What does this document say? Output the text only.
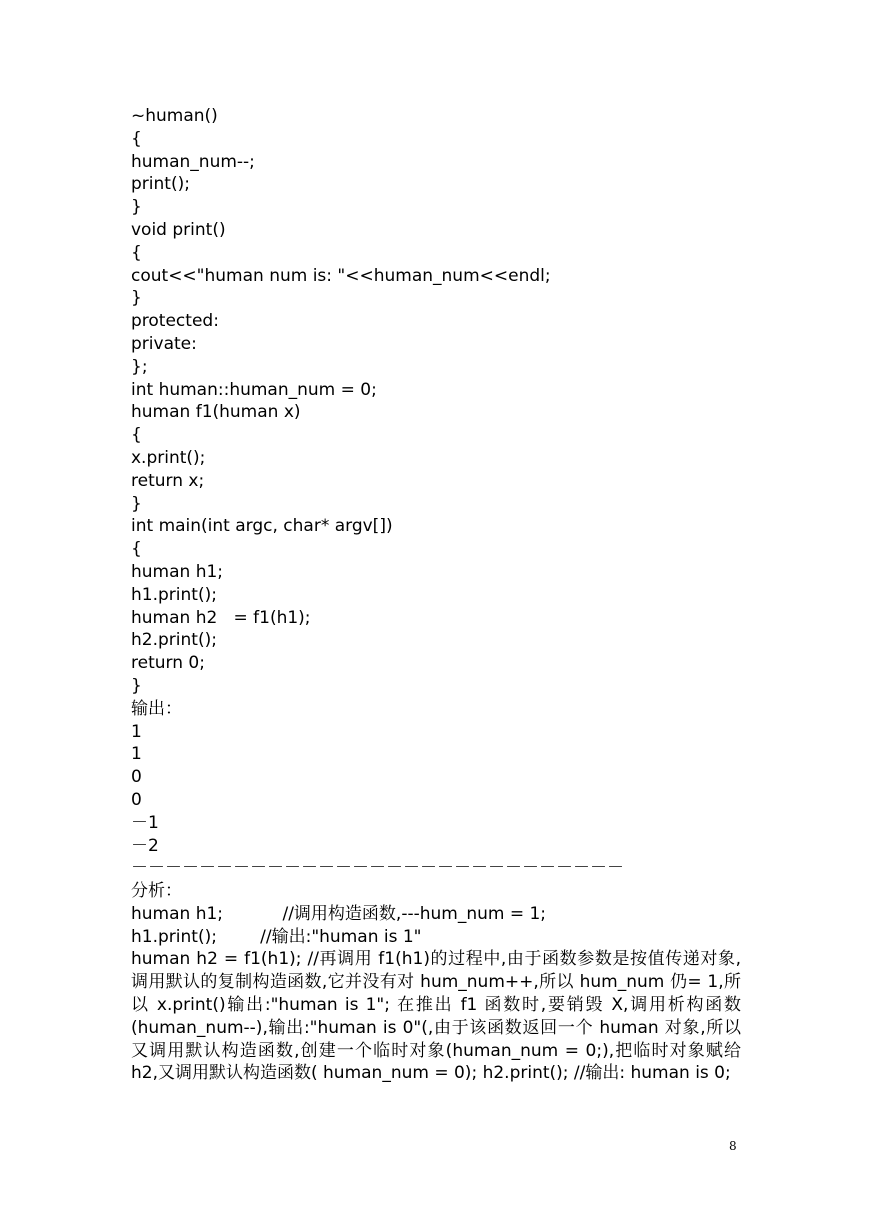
~human()
{
human_num--;
print();
}
void print()
{
cout<<"human num is: "<<human_num<<endl;
}
protected:
private:
};
int human::human_num = 0;
human f1(human x)
{
x.print();
return x;
}
int main(int argc, char* argv[])
{
human h1;
h1.print();
human h2   = f1(h1);
h2.print();
return 0;
}
输出：
1
1
0
0
－1
－2
－－－－－－－－－－－－－－－－－－－－－－－－－－－－－
分析：
human h1;           //调用构造函数,---hum_num = 1;
h1.print();        //输出:"human is 1"

human h2 = f1(h1); //再调用 f1(h1)的过程中,由于函数参数是按值传递对象,调用默认的复制构造函数,它并没有对 hum_num++,所以 hum_num 仍= 1,所以 x.print()输出:"human is 1"; 在推出 f1 函数时,要销毁 X,调用析构函数(human_num--),输出:"human is 0"(,由于该函数返回一个 human 对象,所以又调用默认构造函数,创建一个临时对象(human_num = 0;),把临时对象赋给 h2,又调用默认构造函数( human_num = 0); h2.print(); //输出: human is 0;

8
